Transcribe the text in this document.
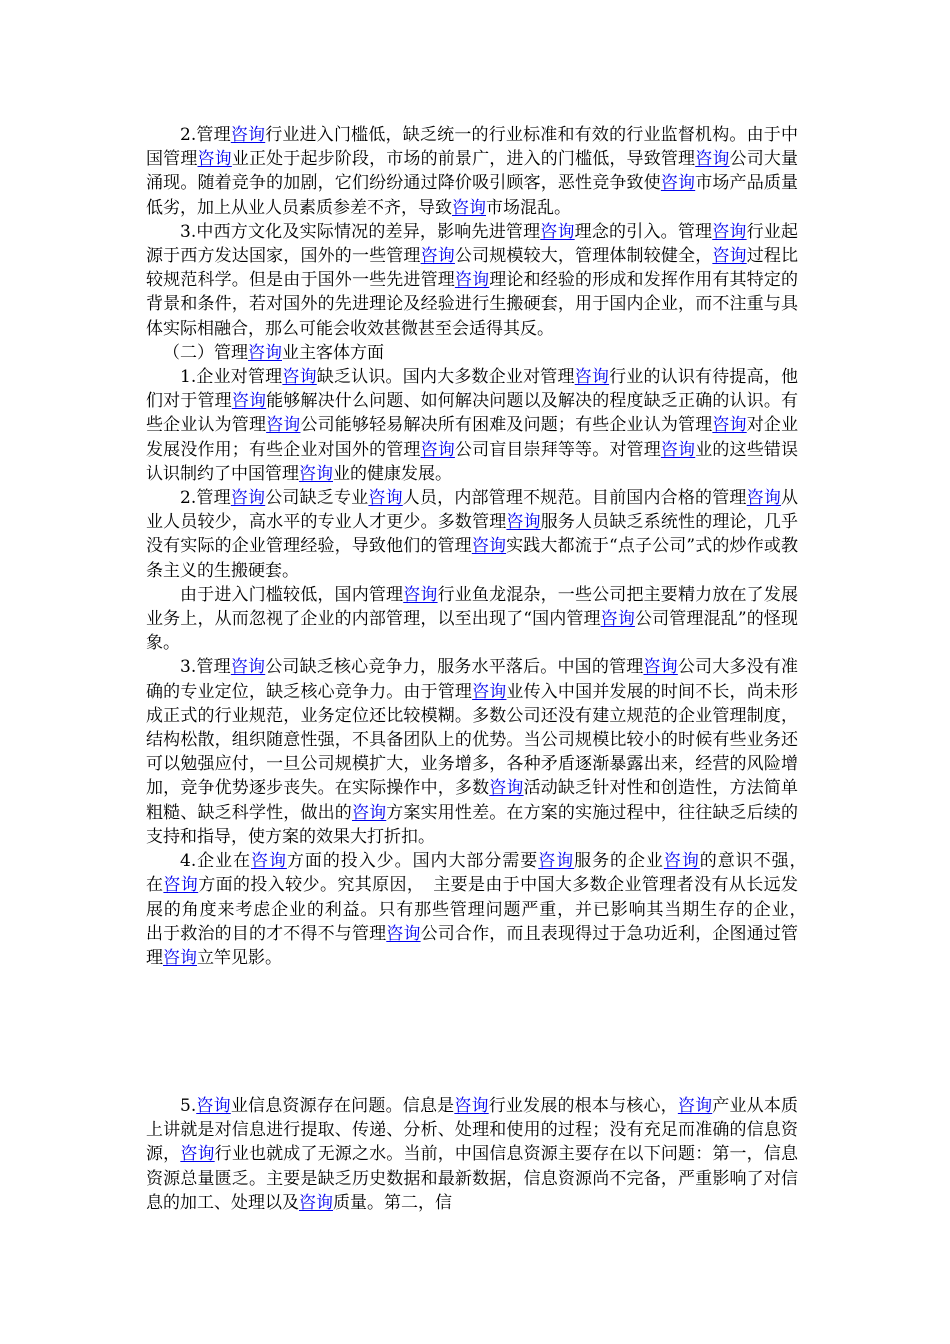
2.管理咨询行业进入门槛低，缺乏统一的行业标准和有效的行业监督机构。由于中国管理咨询业正处于起步阶段，市场的前景广，进入的门槛低，导致管理咨询公司大量涌现。随着竞争的加剧，它们纷纷通过降价吸引顾客，恶性竞争致使咨询市场产品质量低劣，加上从业人员素质参差不齐，导致咨询市场混乱。

3.中西方文化及实际情况的差异，影响先进管理咨询理念的引入。管理咨询行业起源于西方发达国家，国外的一些管理咨询公司规模较大，管理体制较健全，咨询过程比较规范科学。但是由于国外一些先进管理咨询理论和经验的形成和发挥作用有其特定的背景和条件，若对国外的先进理论及经验进行生搬硬套，用于国内企业，而不注重与具体实际相融合，那么可能会收效甚微甚至会适得其反。

（二）管理咨询业主客体方面

1.企业对管理咨询缺乏认识。国内大多数企业对管理咨询行业的认识有待提高，他们对于管理咨询能够解决什么问题、如何解决问题以及解决的程度缺乏正确的认识。有些企业认为管理咨询公司能够轻易解决所有困难及问题；有些企业认为管理咨询对企业发展没作用；有些企业对国外的管理咨询公司盲目崇拜等等。对管理咨询业的这些错误认识制约了中国管理咨询业的健康发展。

2.管理咨询公司缺乏专业咨询人员，内部管理不规范。目前国内合格的管理咨询从业人员较少，高水平的专业人才更少。多数管理咨询服务人员缺乏系统性的理论，几乎没有实际的企业管理经验，导致他们的管理咨询实践大都流于“点子公司”式的炒作或教条主义的生搬硬套。

由于进入门槛较低，国内管理咨询行业鱼龙混杂，一些公司把主要精力放在了发展业务上，从而忽视了企业的内部管理，以至出现了“国内管理咨询公司管理混乱”的怪现象。

3.管理咨询公司缺乏核心竞争力，服务水平落后。中国的管理咨询公司大多没有准确的专业定位，缺乏核心竞争力。由于管理咨询业传入中国并发展的时间不长，尚未形成正式的行业规范，业务定位还比较模糊。多数公司还没有建立规范的企业管理制度，结构松散，组织随意性强，不具备团队上的优势。当公司规模比较小的时候有些业务还可以勉强应付，一旦公司规模扩大，业务增多，各种矛盾逐渐暴露出来，经营的风险增加，竞争优势逐步丧失。在实际操作中，多数咨询活动缺乏针对性和创造性，方法简单粗糙、缺乏科学性，做出的咨询方案实用性差。在方案的实施过程中，往往缺乏后续的支持和指导，使方案的效果大打折扣。

4.企业在咨询方面的投入少。国内大部分需要咨询服务的企业咨询的意识不强，　在咨询方面的投入较少。究其原因，　主要是由于中国大多数企业管理者没有从长远发展的角度来考虑企业的利益。只有那些管理问题严重，并已影响其当期生存的企业，　出于救治的目的才不得不与管理咨询公司合作，而且表现得过于急功近利，企图通过管理咨询立竿见影。

5.咨询业信息资源存在问题。信息是咨询行业发展的根本与核心，咨询产业从本质上讲就是对信息进行提取、传递、分析、处理和使用的过程；没有充足而准确的信息资源，咨询行业也就成了无源之水。当前，中国信息资源主要存在以下问题：第一，信息资源总量匮乏。主要是缺乏历史数据和最新数据，信息资源尚不完备，严重影响了对信息的加工、处理以及咨询质量。第二，信
